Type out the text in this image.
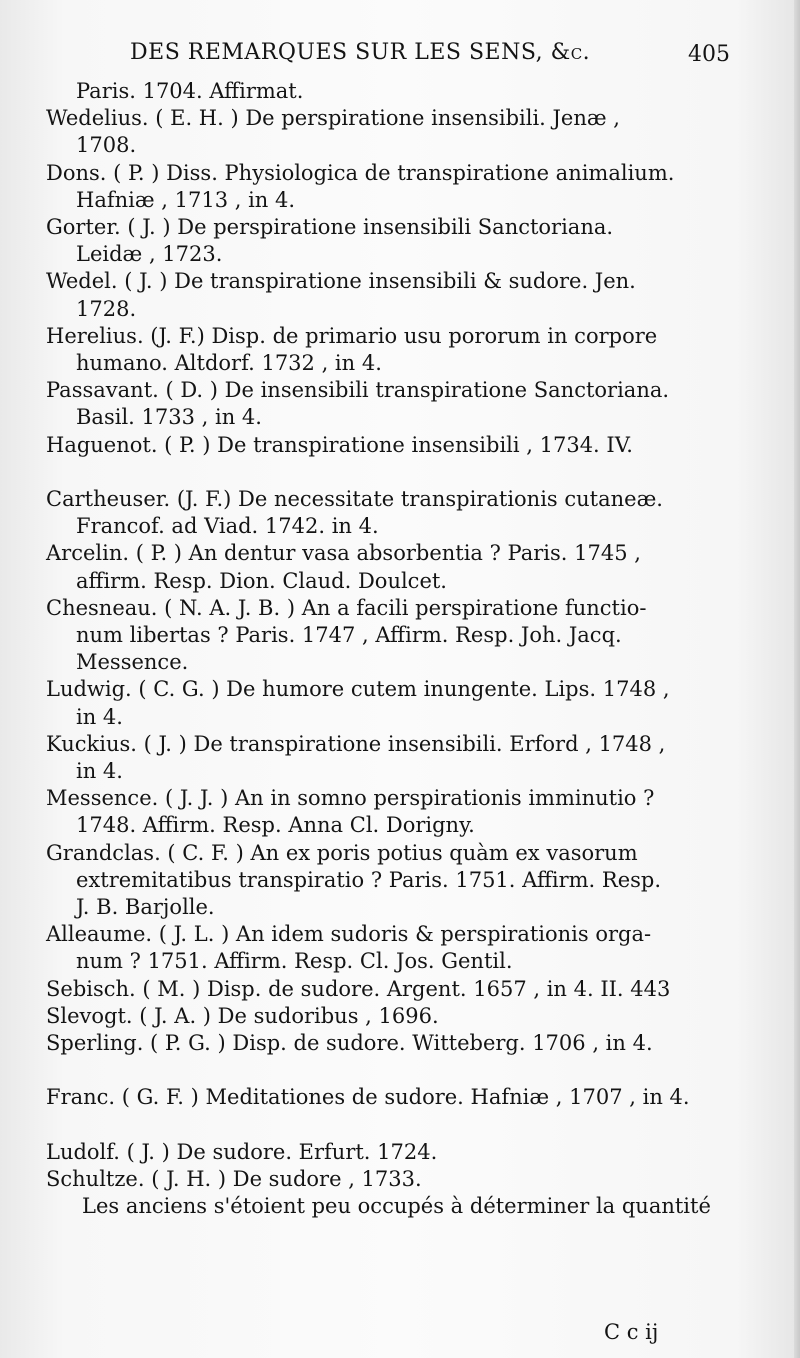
DES REMARQUES SUR LES SENS, &c.	405
Paris. 1704. Affirmat.
Wedelius. ( E. H. ) De perspiratione insensibili. Jenæ ,
1708.
Dons. ( P. ) Diss. Physiologica de transpiratione animalium.
Hafniæ , 1713 , in 4.
Gorter. ( J. ) De perspiratione insensibili Sanctoriana.
Leidæ , 1723.
Wedel. ( J. ) De transpiratione insensibili & sudore. Jen.
1728.
Herelius. (J. F.) Disp. de primario usu pororum in corpore
humano. Altdorf. 1732 , in 4.
Passavant. ( D. ) De insensibili transpiratione Sanctoriana.
Basil. 1733 , in 4.
Haguenot. ( P. ) De transpiratione insensibili , 1734. IV.
Cartheuser. (J. F.) De necessitate transpirationis cutaneæ.
Francof. ad Viad. 1742. in 4.
Arcelin. ( P. ) An dentur vasa absorbentia ? Paris. 1745 ,
affirm. Resp. Dion. Claud. Doulcet.
Chesneau. ( N. A. J. B. ) An a facili perspiratione functio-
num libertas ? Paris. 1747 , Affirm. Resp. Joh. Jacq.
Messence.
Ludwig. ( C. G. ) De humore cutem inungente. Lips. 1748 ,
in 4.
Kuckius. ( J. ) De transpiratione insensibili. Erford , 1748 ,
in 4.
Messence. ( J. J. ) An in somno perspirationis imminutio ?
1748. Affirm. Resp. Anna Cl. Dorigny.
Grandclas. ( C. F. ) An ex poris potius quàm ex vasorum
extremitatibus transpiratio ? Paris. 1751. Affirm. Resp.
J. B. Barjolle.
Alleaume. ( J. L. ) An idem sudoris & perspirationis orga-
num ? 1751. Affirm. Resp. Cl. Jos. Gentil.
Sebisch. ( M. ) Disp. de sudore. Argent. 1657 , in 4. II. 443
Slevogt. ( J. A. ) De sudoribus , 1696.
Sperling. ( P. G. ) Disp. de sudore. Witteberg. 1706 , in 4.
Franc. ( G. F. ) Meditationes de sudore. Hafniæ , 1707 , in 4.
Ludolf. ( J. ) De sudore. Erfurt. 1724.
Schultze. ( J. H. ) De sudore , 1733.
Les anciens s'étoient peu occupés à déterminer la quantité
C c ij
